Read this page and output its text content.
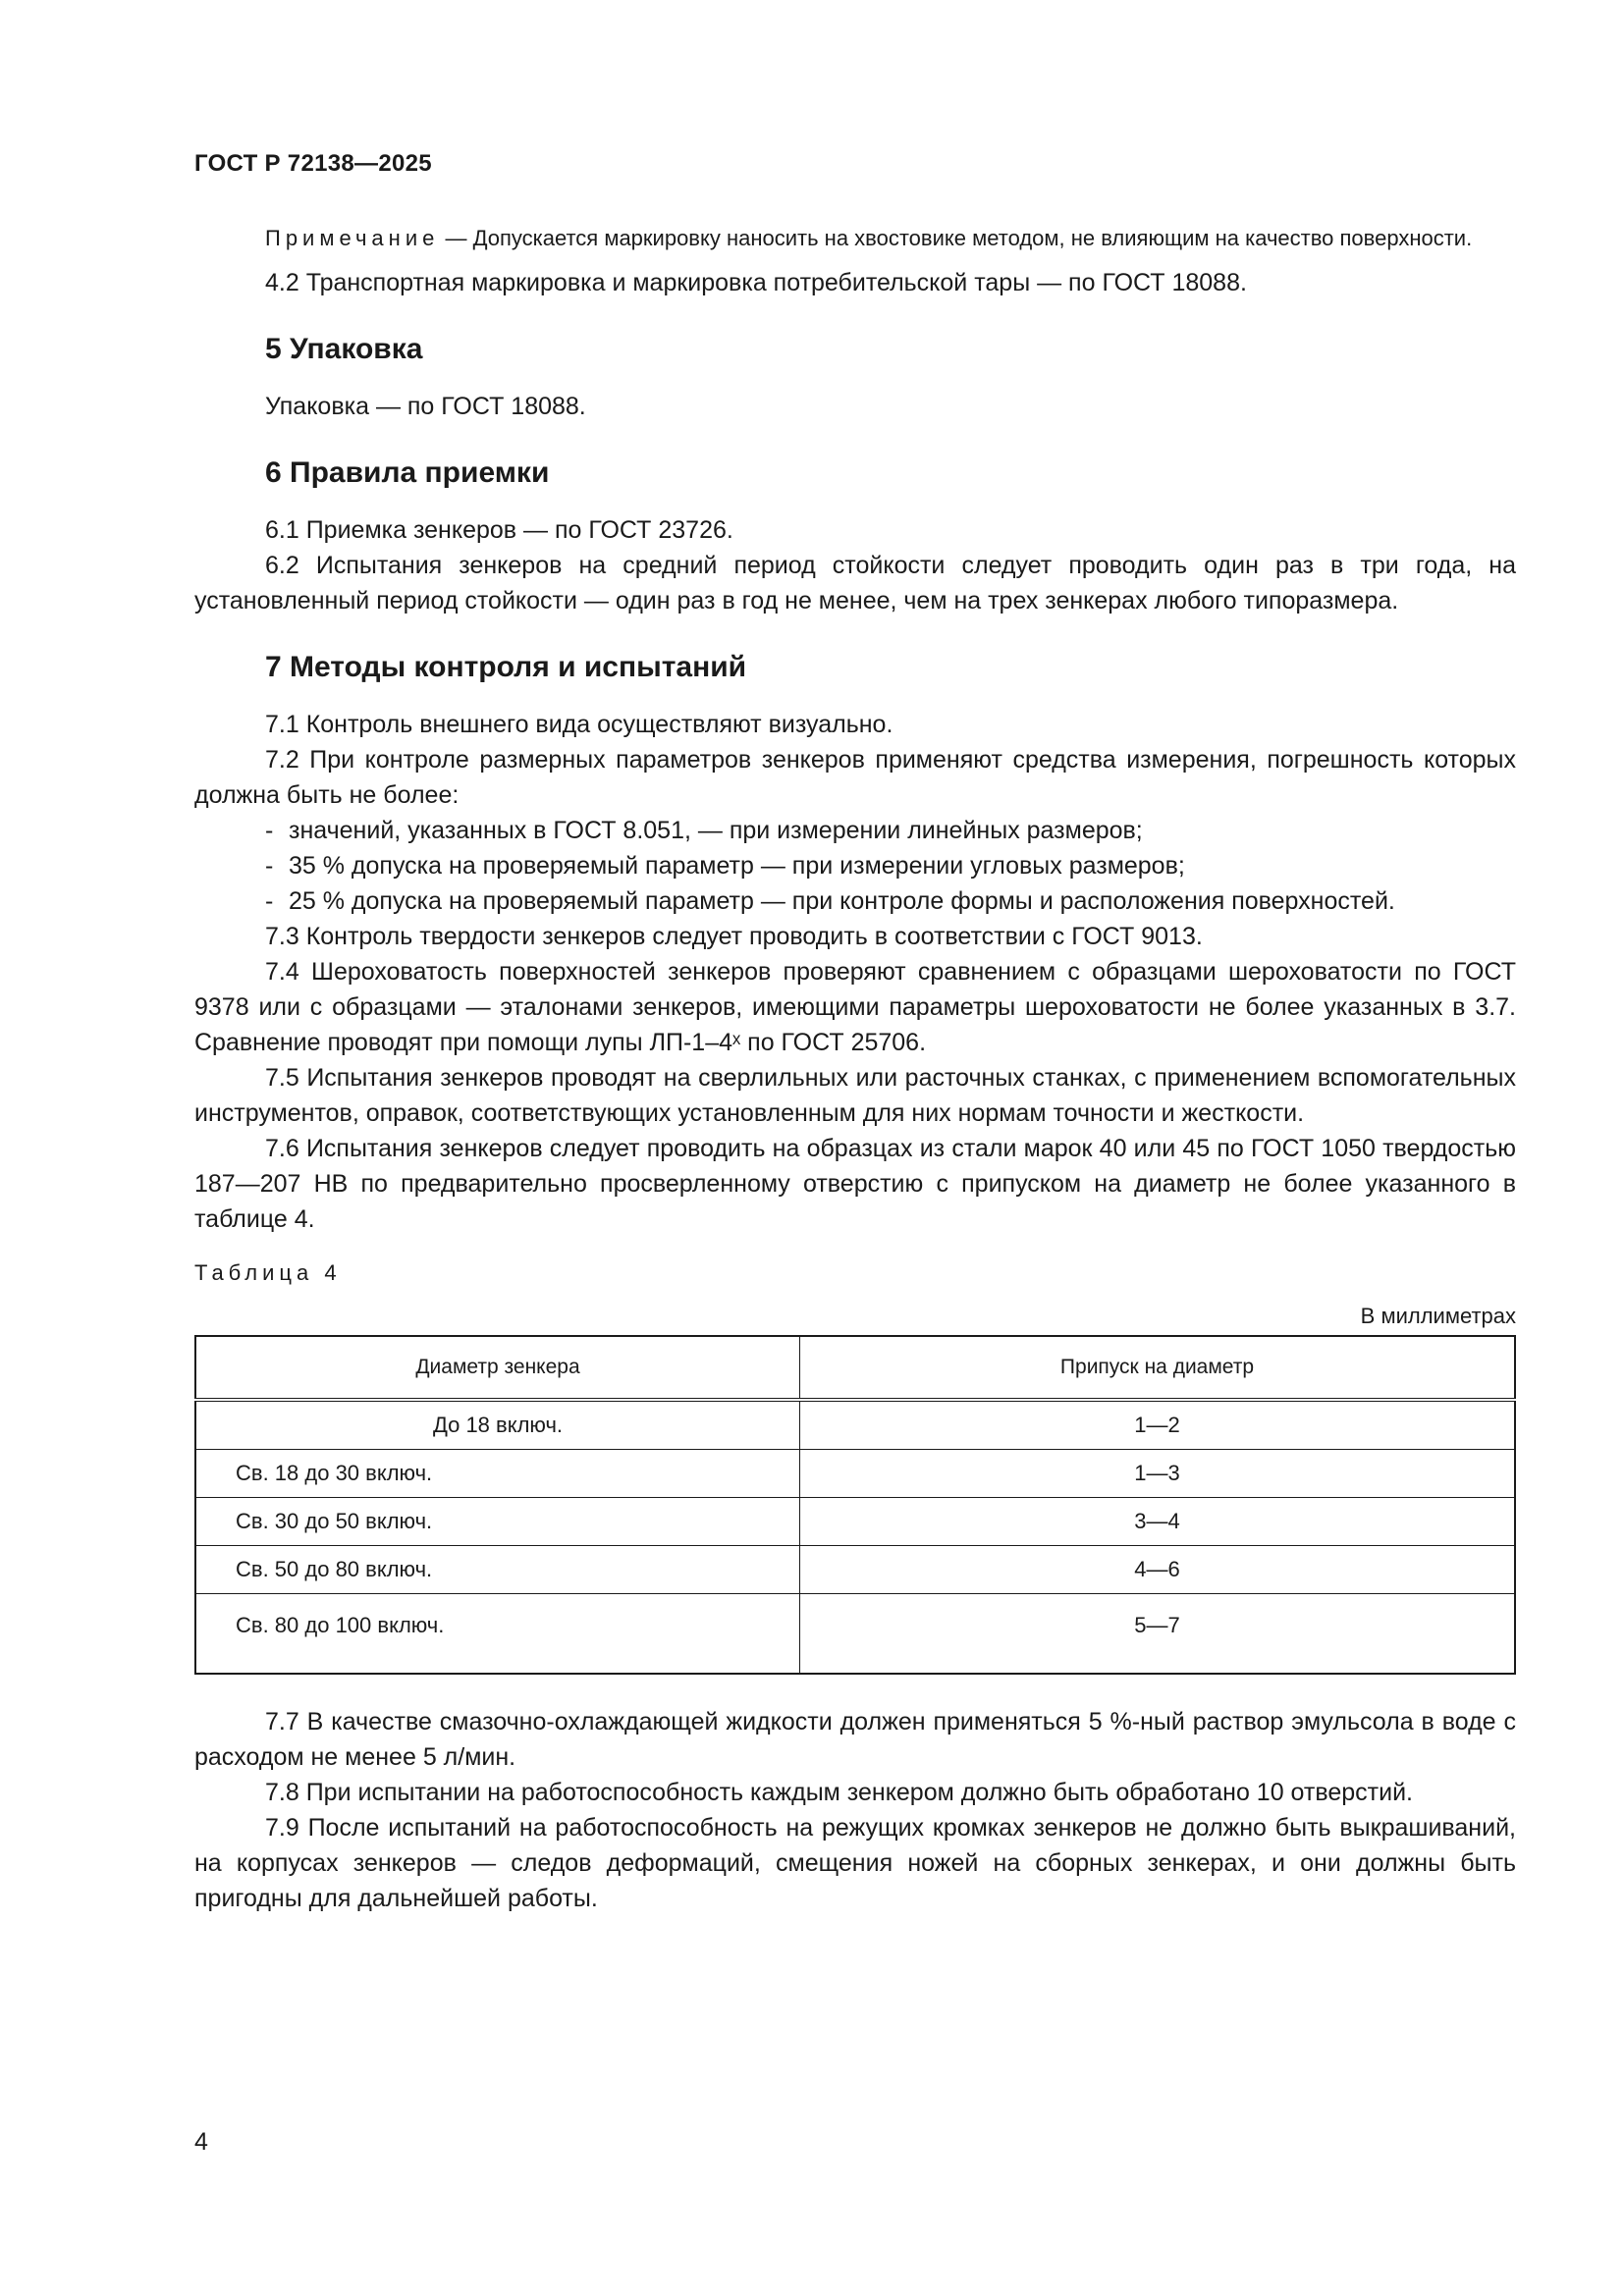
ГОСТ Р 72138—2025

Примечание — Допускается маркировку наносить на хвостовике методом, не влияющим на качество поверхности.

4.2 Транспортная маркировка и маркировка потребительской тары — по ГОСТ 18088.

5 Упаковка

Упаковка — по ГОСТ 18088.

6 Правила приемки

6.1 Приемка зенкеров — по ГОСТ 23726.

6.2 Испытания зенкеров на средний период стойкости следует проводить один раз в три года, на установленный период стойкости — один раз в год не менее, чем на трех зенкерах любого типоразмера.

7 Методы контроля и испытаний

7.1 Контроль внешнего вида осуществляют визуально.

7.2 При контроле размерных параметров зенкеров применяют средства измерения, погрешность которых должна быть не более:

- значений, указанных в ГОСТ 8.051, — при измерении линейных размеров;

- 35 % допуска на проверяемый параметр — при измерении угловых размеров;

- 25 % допуска на проверяемый параметр — при контроле формы и расположения поверхностей.

7.3 Контроль твердости зенкеров следует проводить в соответствии с ГОСТ 9013.

7.4 Шероховатость поверхностей зенкеров проверяют сравнением с образцами шероховатости по ГОСТ 9378 или с образцами — эталонами зенкеров, имеющими параметры шероховатости не более указанных в 3.7. Сравнение проводят при помощи лупы ЛП-1–4ˣ по ГОСТ 25706.

7.5 Испытания зенкеров проводят на сверлильных или расточных станках, с применением вспомогательных инструментов, оправок, соответствующих установленным для них нормам точности и жесткости.

7.6 Испытания зенкеров следует проводить на образцах из стали марок 40 или 45 по ГОСТ 1050 твердостью 187—207 НВ по предварительно просверленному отверстию с припуском на диаметр не более указанного в таблице 4.

Таблица 4
В миллиметрах
Диаметр зенкера	Припуск на диаметр
До 18 включ.	1—2
Св. 18 до 30 включ.	1—3
Св. 30 до 50 включ.	3—4
Св. 50 до 80 включ.	4—6
Св. 80 до 100 включ.	5—7

7.7 В качестве смазочно-охлаждающей жидкости должен применяться 5 %-ный раствор эмульсола в воде с расходом не менее 5 л/мин.

7.8 При испытании на работоспособность каждым зенкером должно быть обработано 10 отверстий.

7.9 После испытаний на работоспособность на режущих кромках зенкеров не должно быть выкрашиваний, на корпусах зенкеров — следов деформаций, смещения ножей на сборных зенкерах, и они должны быть пригодны для дальнейшей работы.

4
